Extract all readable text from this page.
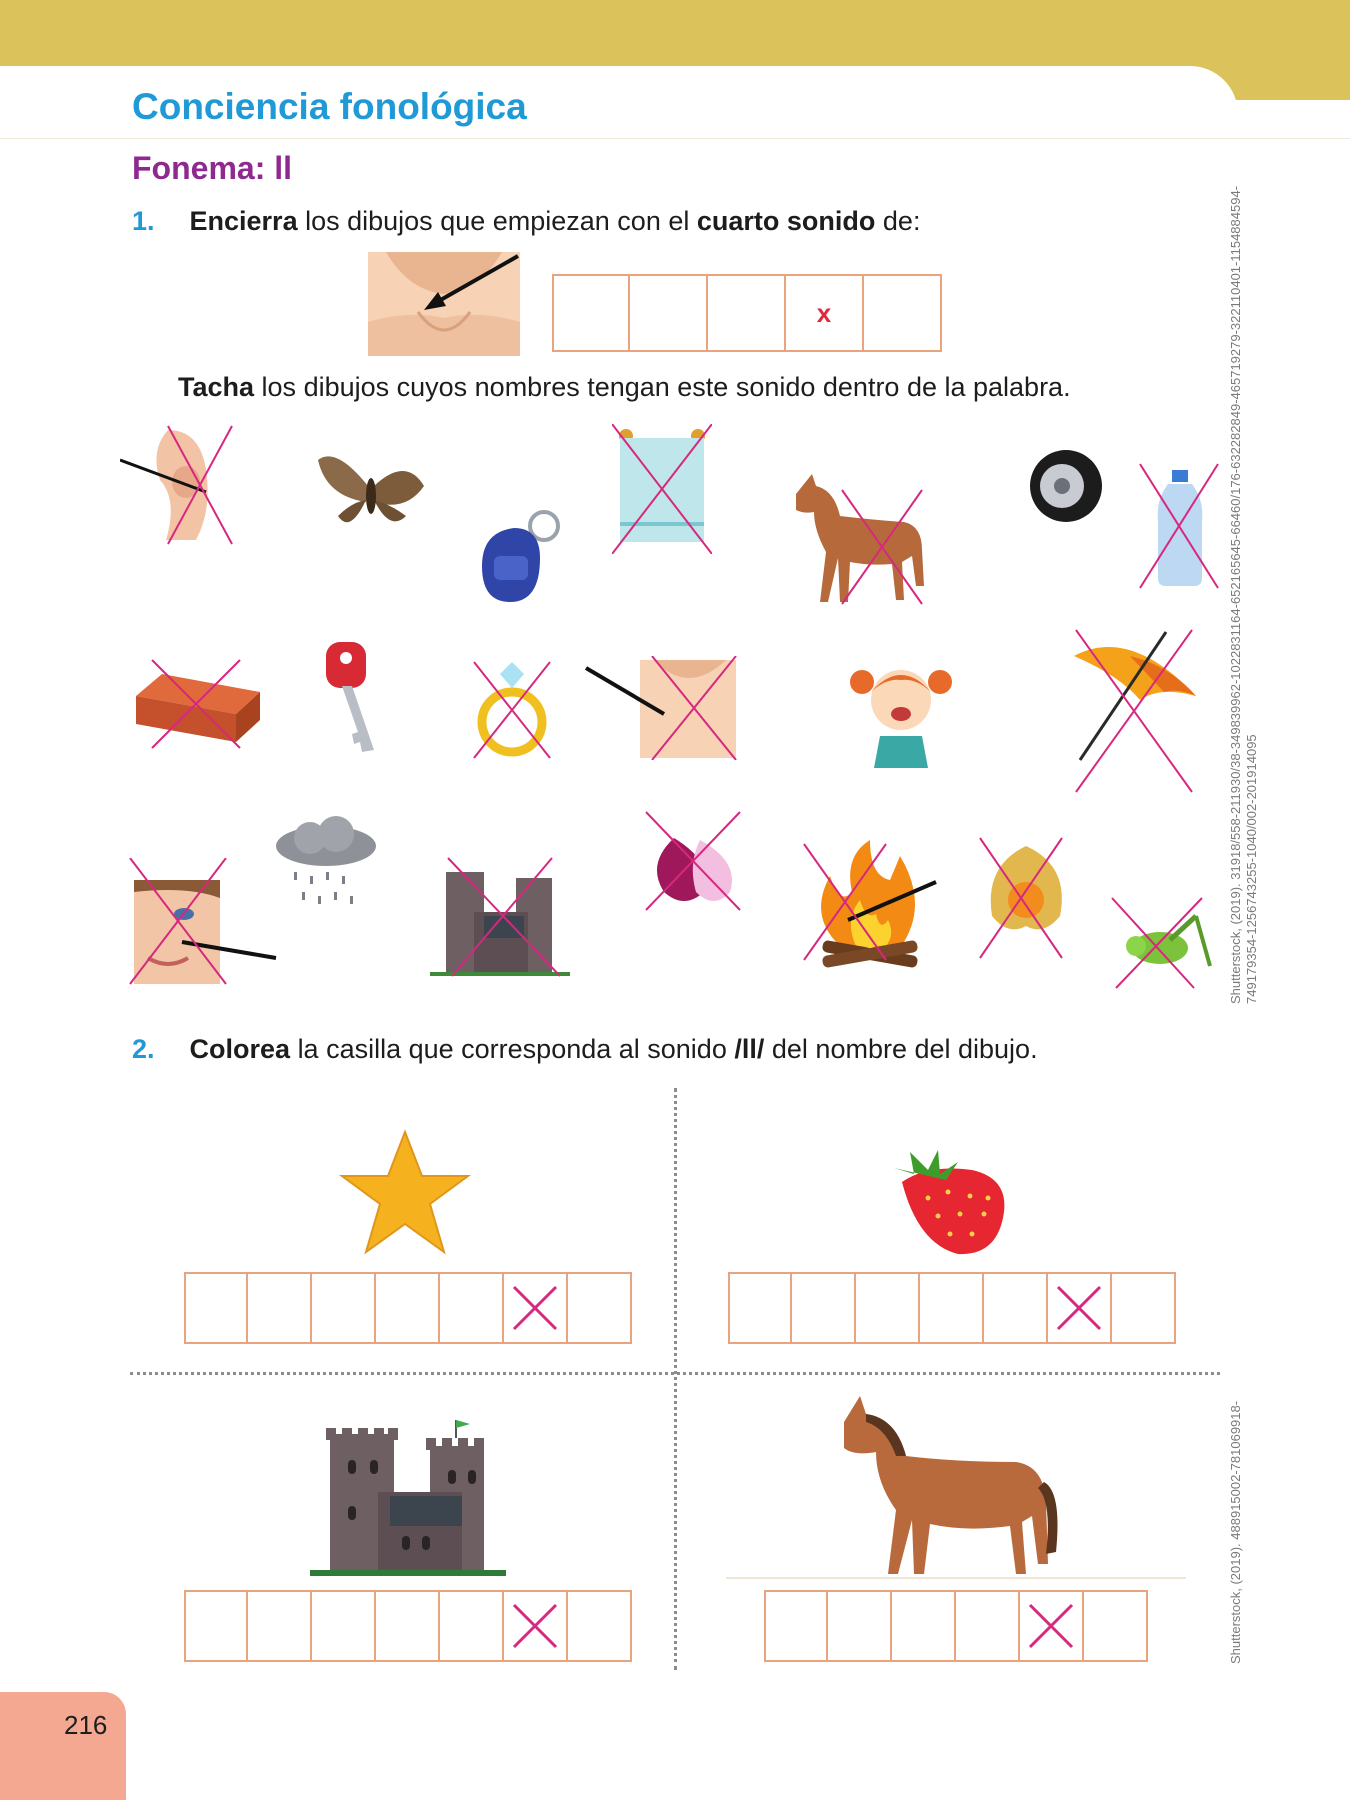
Conciencia fonológica
Fonema: ll
1. Encierra los dibujos que empiezan con el cuarto sonido de:
x
Tacha los dibujos cuyos nombres tengan este sonido dentro de la palabra.
2. Colorea la casilla que corresponda al sonido /ll/ del nombre del dibujo.
Shutterstock, (2019). 31918/558-211930/38-349839962-1022831164-652165645-66460/176-632282849-465719279-322110401-1154884594-
749179354-1256743255-1040/002-201914095
Shutterstock, (2019). 488915002-781069918-
216
